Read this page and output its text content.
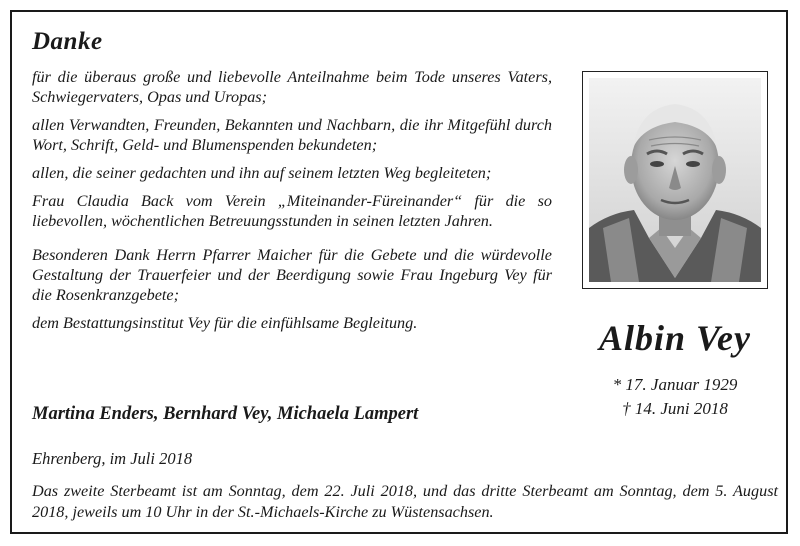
Danke

für die überaus große und liebevolle Anteilnahme beim Tode unseres Vaters, Schwiegervaters, Opas und Uropas;

allen Verwandten, Freunden, Bekannten und Nachbarn, die ihr Mitgefühl durch Wort, Schrift, Geld- und Blumenspenden bekundeten;

allen, die seiner gedachten und ihn auf seinem letzten Weg begleiteten;

Frau Claudia Back vom Verein „Miteinander-Füreinander“ für die so liebevollen, wöchentlichen Betreuungsstunden in seinen letzten Jahren.

Besonderen Dank Herrn Pfarrer Maicher für die Gebete und die würdevolle Gestaltung der Trauerfeier und der Beerdigung sowie Frau Ingeburg Vey für die Rosenkranzgebete;

dem Bestattungsinstitut Vey für die einfühlsame Begleitung.	Albin Vey
* 17. Januar 1929
† 14. Juni 2018
Martina Enders, Bernhard Vey, Michaela Lampert
Ehrenberg, im Juli 2018
Das zweite Sterbeamt ist am Sonntag, dem 22. Juli 2018, und das dritte Sterbeamt am Sonntag, dem 5. August 2018, jeweils um 10 Uhr in der St.-Michaels-Kirche zu Wüstensachsen.
